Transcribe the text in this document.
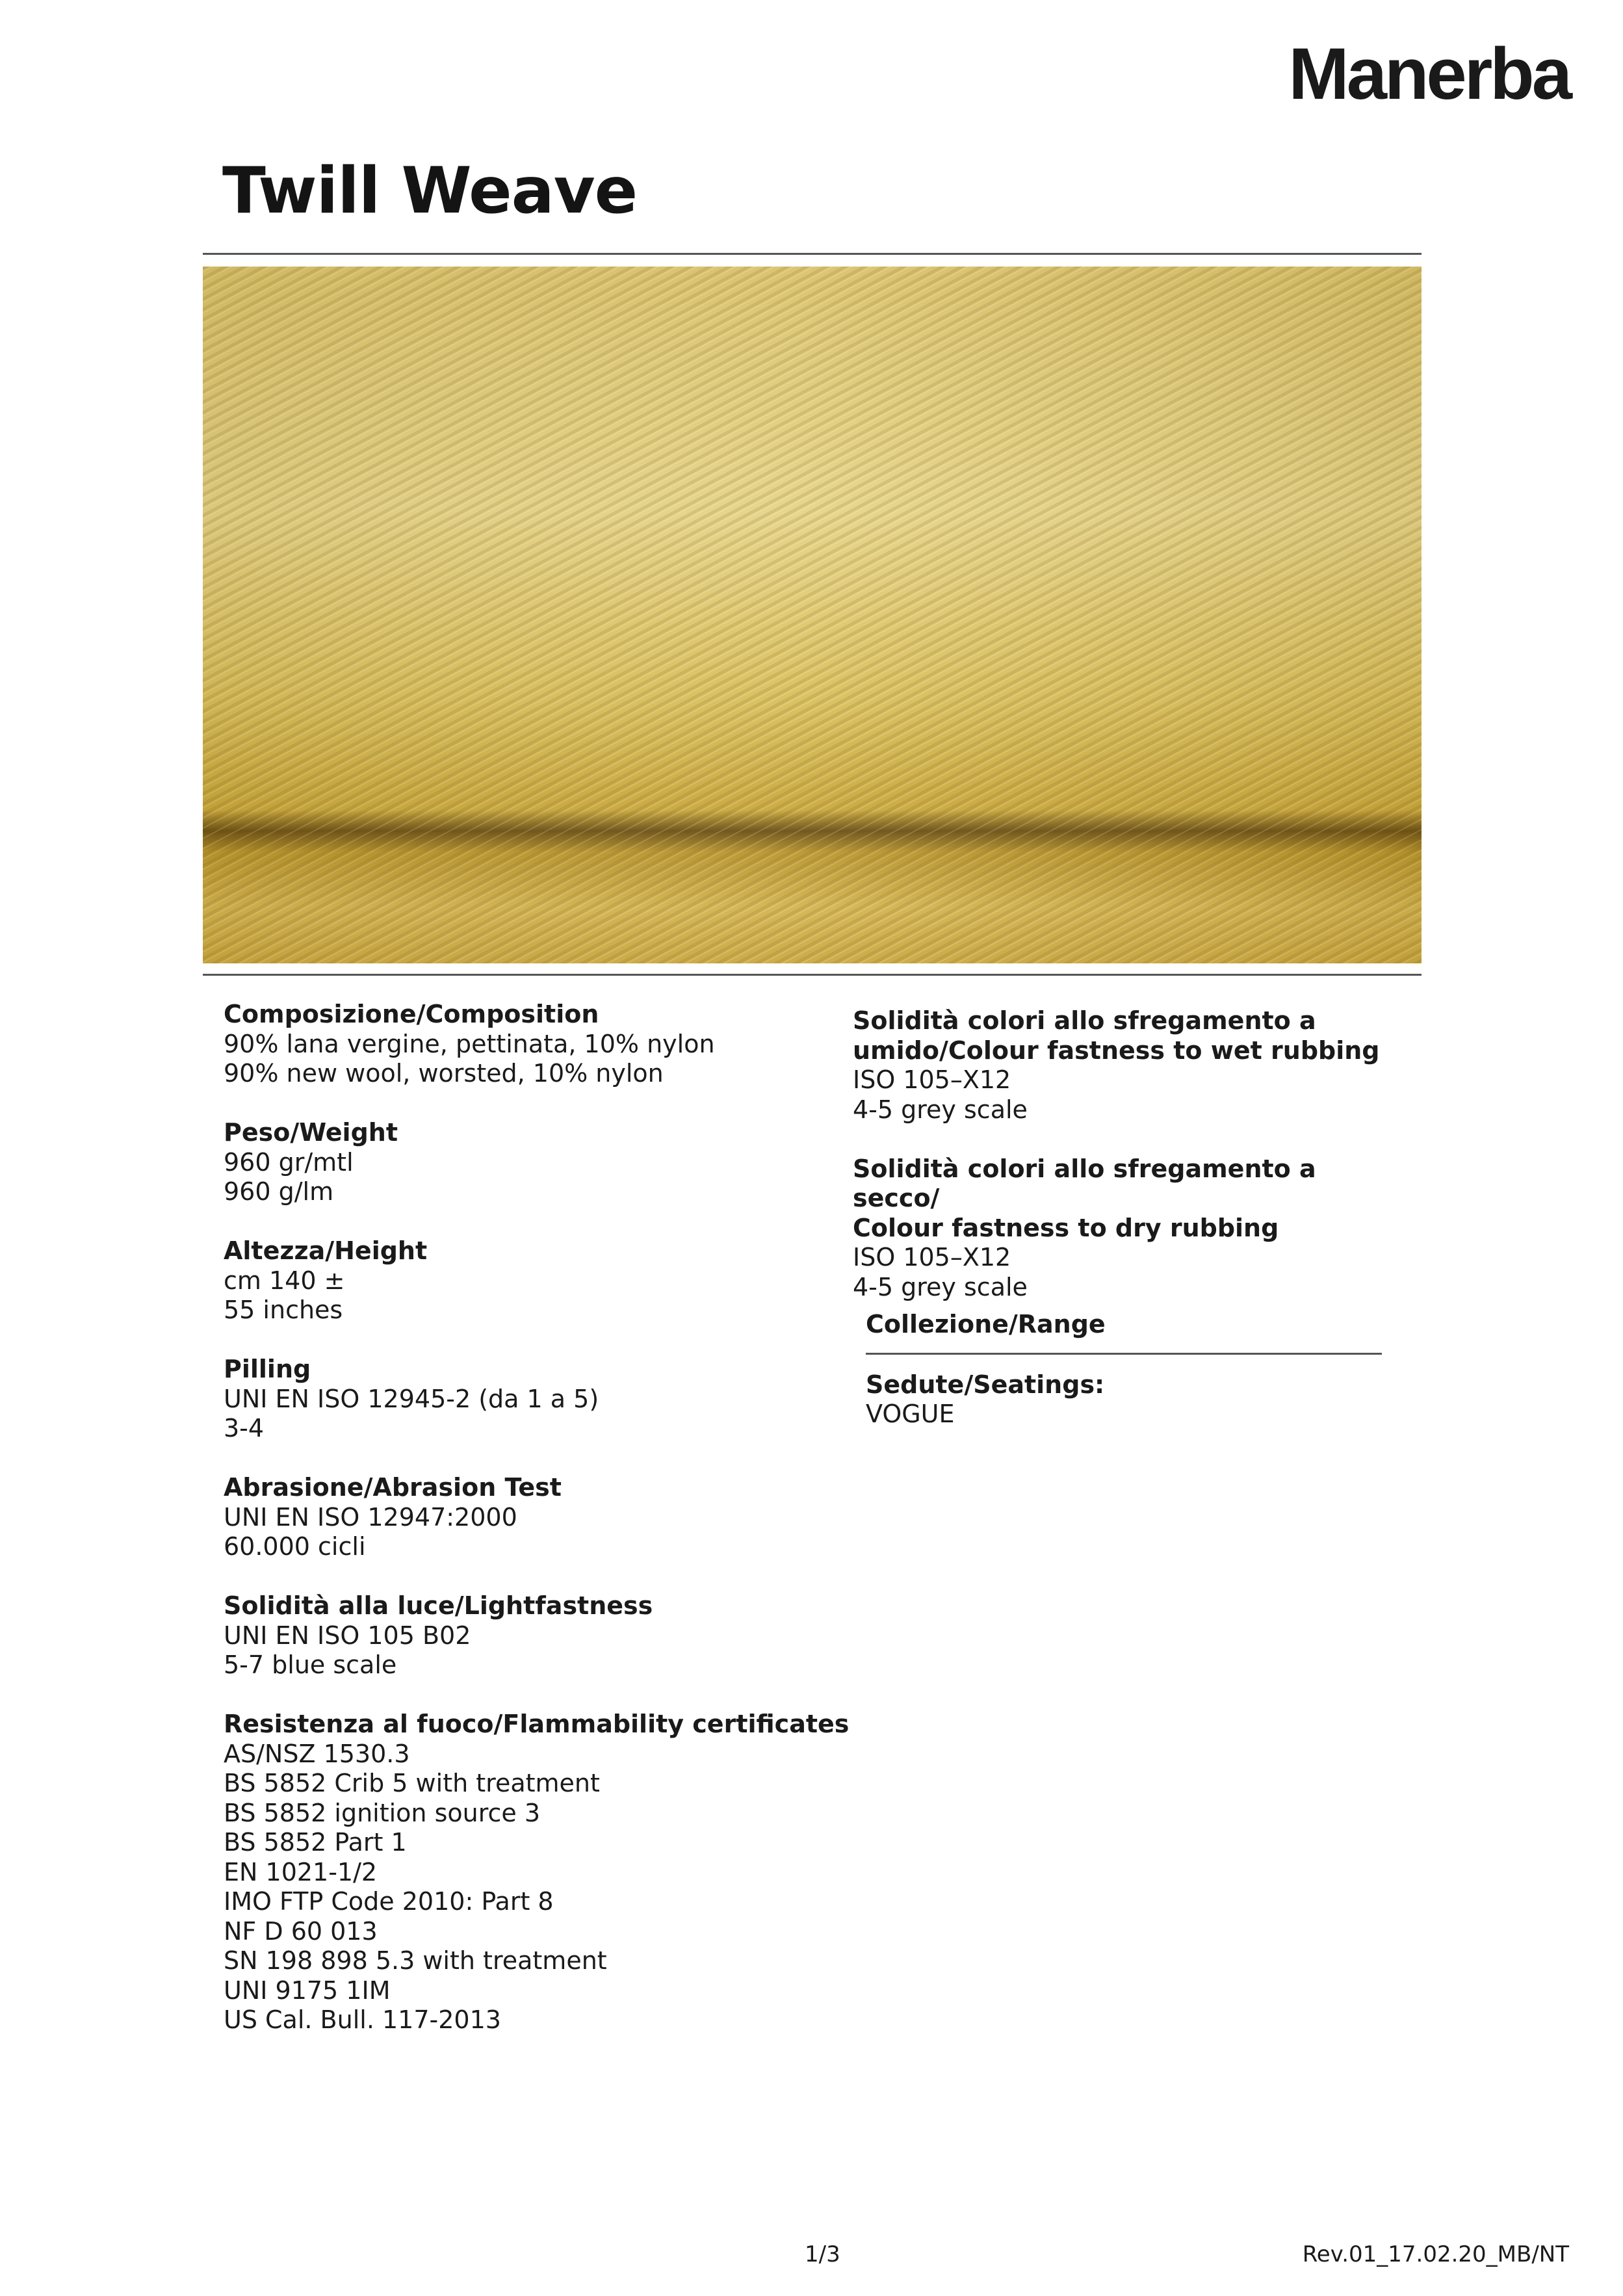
Manerba
Twill Weave
Composizione/Composition
90% lana vergine, pettinata, 10% nylon
90% new wool, worsted, 10% nylon
Peso/Weight
960 gr/mtl
960 g/lm
Altezza/Height
cm 140 ±
55 inches
Pilling
UNI EN ISO 12945-2 (da 1 a 5)
3-4
Abrasione/Abrasion Test
UNI EN ISO 12947:2000
60.000 cicli
Solidità alla luce/Lightfastness
UNI EN ISO 105 B02
5-7 blue scale
Resistenza al fuoco/Flammability certificates
AS/NSZ 1530.3
BS 5852 Crib 5 with treatment
BS 5852 ignition source 3
BS 5852 Part 1
EN 1021-1/2
IMO FTP Code 2010: Part 8
NF D 60 013
SN 198 898 5.3 with treatment
UNI 9175 1IM
US Cal. Bull. 117-2013
Solidità colori allo sfregamento a
umido/Colour fastness to wet rubbing
ISO 105–X12
4-5 grey scale
Solidità colori allo sfregamento a secco/
Colour fastness to dry rubbing
ISO 105–X12
4-5 grey scale
Collezione/Range
Sedute/Seatings:
VOGUE
1/3	Rev.01_17.02.20_MB/NT
